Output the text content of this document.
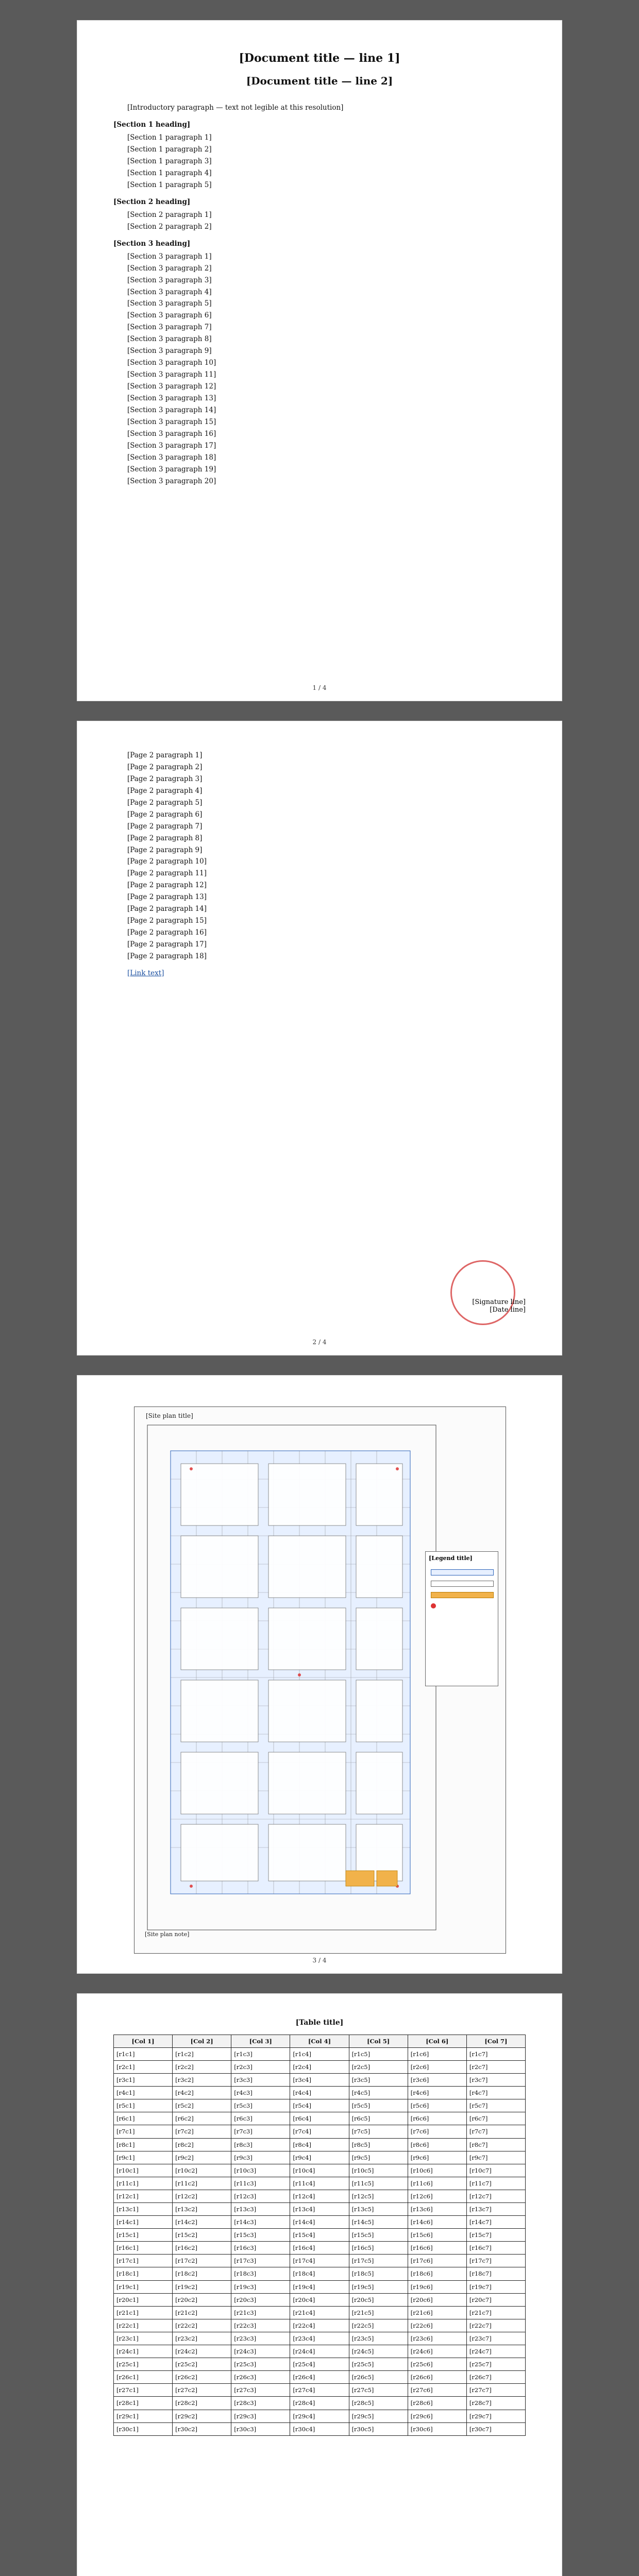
[Document title — line 1]
[Document title — line 2]

[Introductory paragraph — text not legible at this resolution]

[Section 1 heading]

[Section 1 paragraph 1]

[Section 1 paragraph 2]

[Section 1 paragraph 3]

[Section 1 paragraph 4]

[Section 1 paragraph 5]

[Section 2 heading]

[Section 2 paragraph 1]

[Section 2 paragraph 2]

[Section 3 heading]

[Section 3 paragraph 1]

[Section 3 paragraph 2]

[Section 3 paragraph 3]

[Section 3 paragraph 4]

[Section 3 paragraph 5]

[Section 3 paragraph 6]

[Section 3 paragraph 7]

[Section 3 paragraph 8]

[Section 3 paragraph 9]

[Section 3 paragraph 10]

[Section 3 paragraph 11]

[Section 3 paragraph 12]

[Section 3 paragraph 13]

[Section 3 paragraph 14]

[Section 3 paragraph 15]

[Section 3 paragraph 16]

[Section 3 paragraph 17]

[Section 3 paragraph 18]

[Section 3 paragraph 19]

[Section 3 paragraph 20]

1 / 4

[Page 2 paragraph 1]

[Page 2 paragraph 2]

[Page 2 paragraph 3]

[Page 2 paragraph 4]

[Page 2 paragraph 5]

[Page 2 paragraph 6]

[Page 2 paragraph 7]

[Page 2 paragraph 8]

[Page 2 paragraph 9]

[Page 2 paragraph 10]

[Page 2 paragraph 11]

[Page 2 paragraph 12]

[Page 2 paragraph 13]

[Page 2 paragraph 14]

[Page 2 paragraph 15]

[Page 2 paragraph 16]

[Page 2 paragraph 17]

[Page 2 paragraph 18]

[Link text]

[Signature line]
[Date line]
2 / 4
[Site plan title]
[Legend title]
[Site plan note]
3 / 4
[Table title]
[Col 1]	[Col 2]	[Col 3]	[Col 4]	[Col 5]	[Col 6]	[Col 7]
[r1c1]	[r1c2]	[r1c3]	[r1c4]	[r1c5]	[r1c6]	[r1c7]
[r2c1]	[r2c2]	[r2c3]	[r2c4]	[r2c5]	[r2c6]	[r2c7]
[r3c1]	[r3c2]	[r3c3]	[r3c4]	[r3c5]	[r3c6]	[r3c7]
[r4c1]	[r4c2]	[r4c3]	[r4c4]	[r4c5]	[r4c6]	[r4c7]
[r5c1]	[r5c2]	[r5c3]	[r5c4]	[r5c5]	[r5c6]	[r5c7]
[r6c1]	[r6c2]	[r6c3]	[r6c4]	[r6c5]	[r6c6]	[r6c7]
[r7c1]	[r7c2]	[r7c3]	[r7c4]	[r7c5]	[r7c6]	[r7c7]
[r8c1]	[r8c2]	[r8c3]	[r8c4]	[r8c5]	[r8c6]	[r8c7]
[r9c1]	[r9c2]	[r9c3]	[r9c4]	[r9c5]	[r9c6]	[r9c7]
[r10c1]	[r10c2]	[r10c3]	[r10c4]	[r10c5]	[r10c6]	[r10c7]
[r11c1]	[r11c2]	[r11c3]	[r11c4]	[r11c5]	[r11c6]	[r11c7]
[r12c1]	[r12c2]	[r12c3]	[r12c4]	[r12c5]	[r12c6]	[r12c7]
[r13c1]	[r13c2]	[r13c3]	[r13c4]	[r13c5]	[r13c6]	[r13c7]
[r14c1]	[r14c2]	[r14c3]	[r14c4]	[r14c5]	[r14c6]	[r14c7]
[r15c1]	[r15c2]	[r15c3]	[r15c4]	[r15c5]	[r15c6]	[r15c7]
[r16c1]	[r16c2]	[r16c3]	[r16c4]	[r16c5]	[r16c6]	[r16c7]
[r17c1]	[r17c2]	[r17c3]	[r17c4]	[r17c5]	[r17c6]	[r17c7]
[r18c1]	[r18c2]	[r18c3]	[r18c4]	[r18c5]	[r18c6]	[r18c7]
[r19c1]	[r19c2]	[r19c3]	[r19c4]	[r19c5]	[r19c6]	[r19c7]
[r20c1]	[r20c2]	[r20c3]	[r20c4]	[r20c5]	[r20c6]	[r20c7]
[r21c1]	[r21c2]	[r21c3]	[r21c4]	[r21c5]	[r21c6]	[r21c7]
[r22c1]	[r22c2]	[r22c3]	[r22c4]	[r22c5]	[r22c6]	[r22c7]
[r23c1]	[r23c2]	[r23c3]	[r23c4]	[r23c5]	[r23c6]	[r23c7]
[r24c1]	[r24c2]	[r24c3]	[r24c4]	[r24c5]	[r24c6]	[r24c7]
[r25c1]	[r25c2]	[r25c3]	[r25c4]	[r25c5]	[r25c6]	[r25c7]
[r26c1]	[r26c2]	[r26c3]	[r26c4]	[r26c5]	[r26c6]	[r26c7]
[r27c1]	[r27c2]	[r27c3]	[r27c4]	[r27c5]	[r27c6]	[r27c7]
[r28c1]	[r28c2]	[r28c3]	[r28c4]	[r28c5]	[r28c6]	[r28c7]
[r29c1]	[r29c2]	[r29c3]	[r29c4]	[r29c5]	[r29c6]	[r29c7]
[r30c1]	[r30c2]	[r30c3]	[r30c4]	[r30c5]	[r30c6]	[r30c7]
